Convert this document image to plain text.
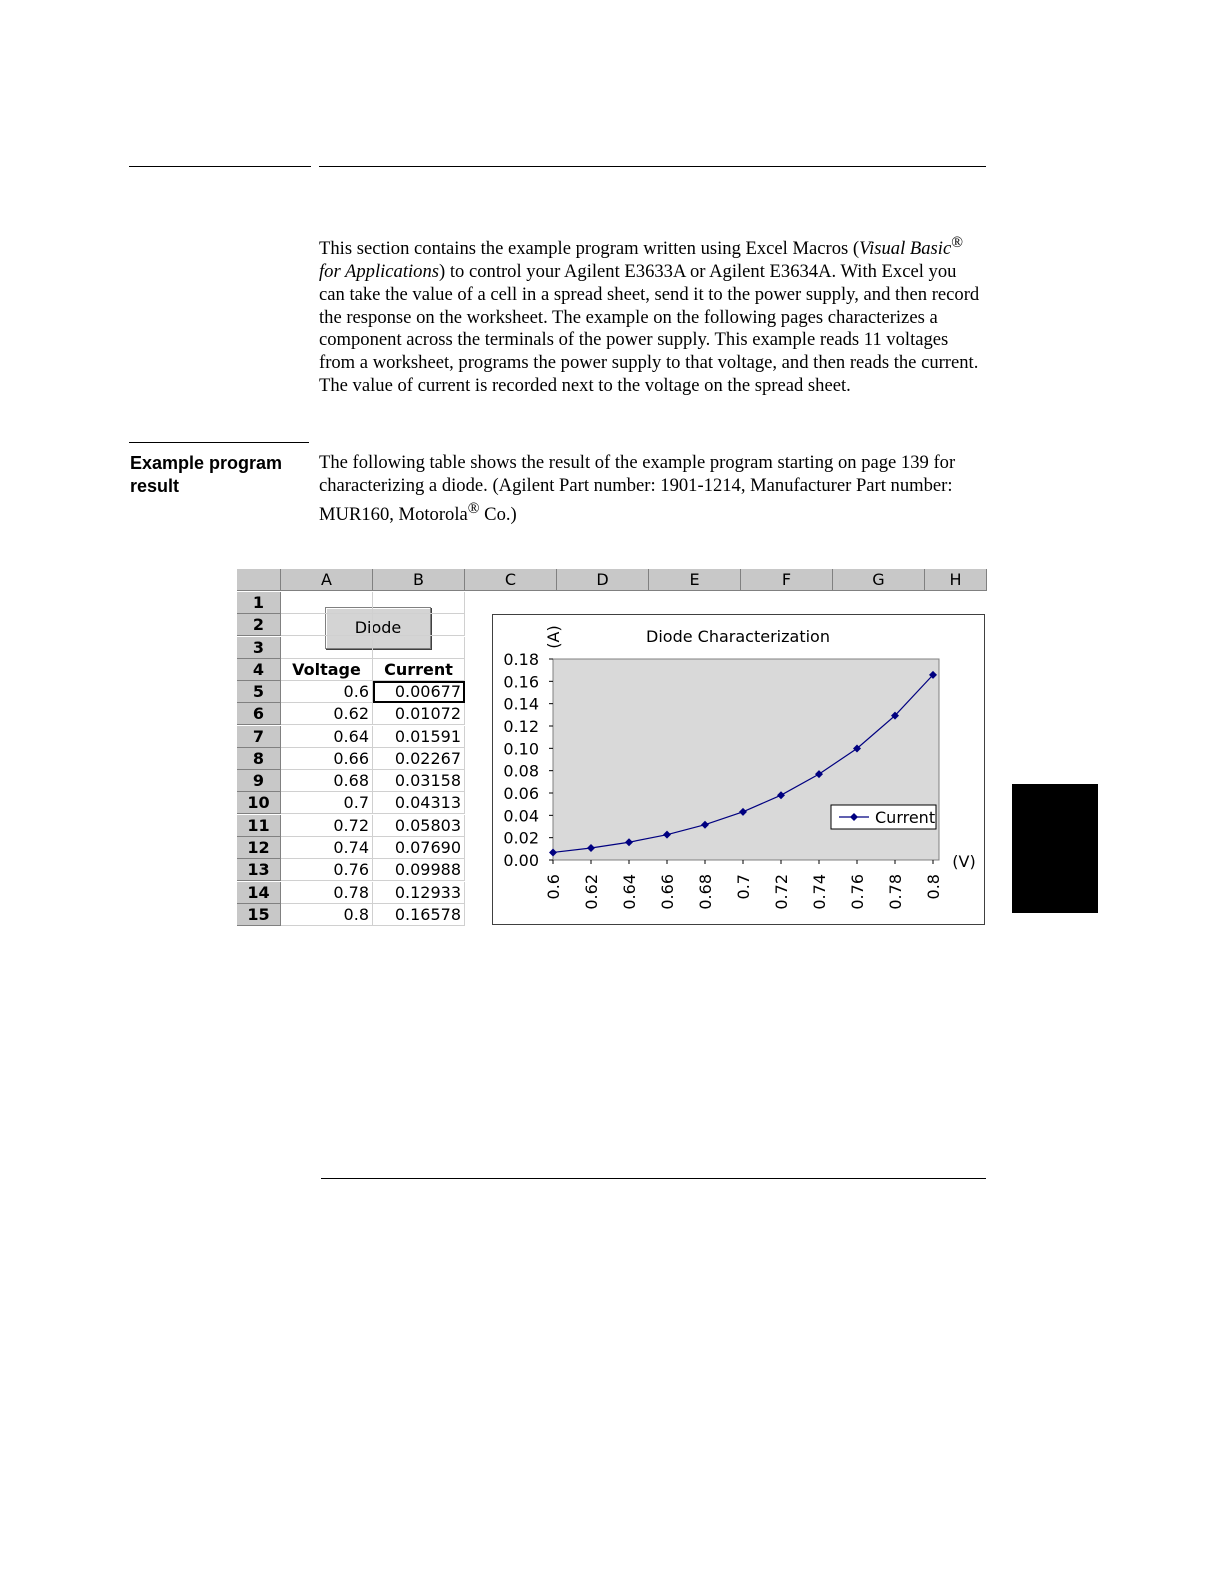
This section contains the example program written using Excel Macros (Visual Basic® for Applications) to control your Agilent E3633A or Agilent E3634A. With Excel you can take the value of a cell in a spread sheet, send it to the power supply, and then record the response on the worksheet. The example on the following pages characterizes a component across the terminals of the power supply. This example reads 11 voltages from a worksheet, programs the power supply to that voltage, and then reads the current. The value of current is recorded next to the voltage on the spread sheet.

Example program result

The following table shows the result of the example program starting on page 139 for characterizing a diode. (Agilent Part number: 1901-1214, Manufacturer Part number: MUR160, Motorola® Co.)

Diode	Diode Characterization
(A)
(V)
0.00
0.02
0.04
0.06
0.08
0.10
0.12
0.14
0.16
0.18
0.6 0.62 0.64 0.66 0.68 0.7 0.72 0.74 0.76 0.78 0.8
Current
A	B	C	D	E	F	G	H
1
2
3
4
5
6
7
8
9
10
11
12
13
14
15
Voltage	Current
0.6	0.00677
0.62	0.01072
0.64	0.01591
0.66	0.02267
0.68	0.03158
0.7	0.04313
0.72	0.05803
0.74	0.07690
0.76	0.09988
0.78	0.12933
0.8	0.16578
